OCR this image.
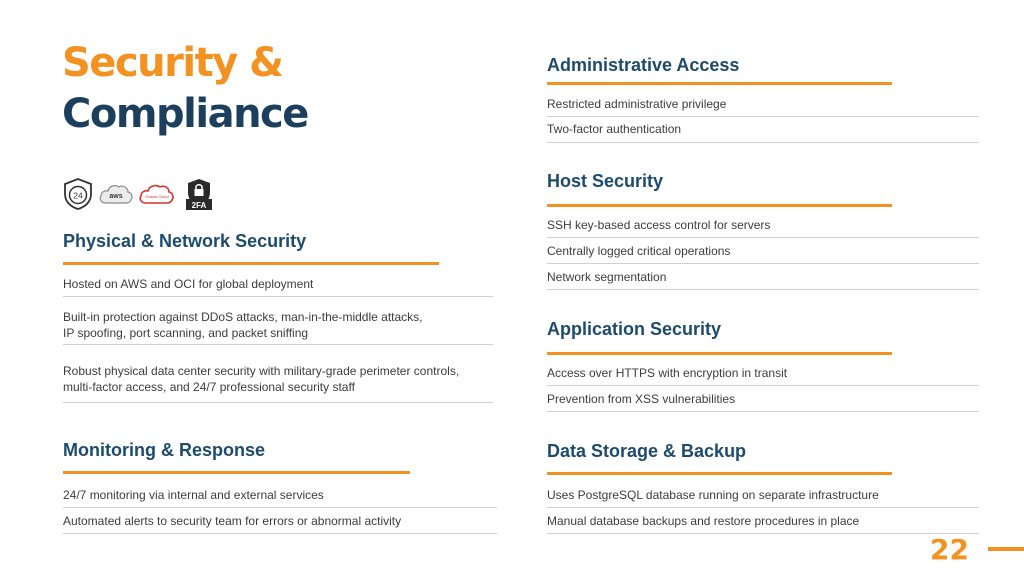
Security &
Compliance
24	aws	Oracle Cloud
2FA
Physical & Network Security
Hosted on AWS and OCI for global deployment
Built-in protection against DDoS attacks, man-in-the-middle attacks, IP spoofing, port scanning, and packet sniffing
Robust physical data center security with military-grade perimeter controls, multi-factor access, and 24/7 professional security staff
Monitoring & Response
24/7 monitoring via internal and external services
Automated alerts to security team for errors or abnormal activity
Administrative Access
Restricted administrative privilege
Two-factor authentication
Host Security
SSH key-based access control for servers
Centrally logged critical operations
Network segmentation
Application Security
Access over HTTPS with encryption in transit
Prevention from XSS vulnerabilities
Data Storage & Backup
Uses PostgreSQL database running on separate infrastructure
Manual database backups and restore procedures in place
22
